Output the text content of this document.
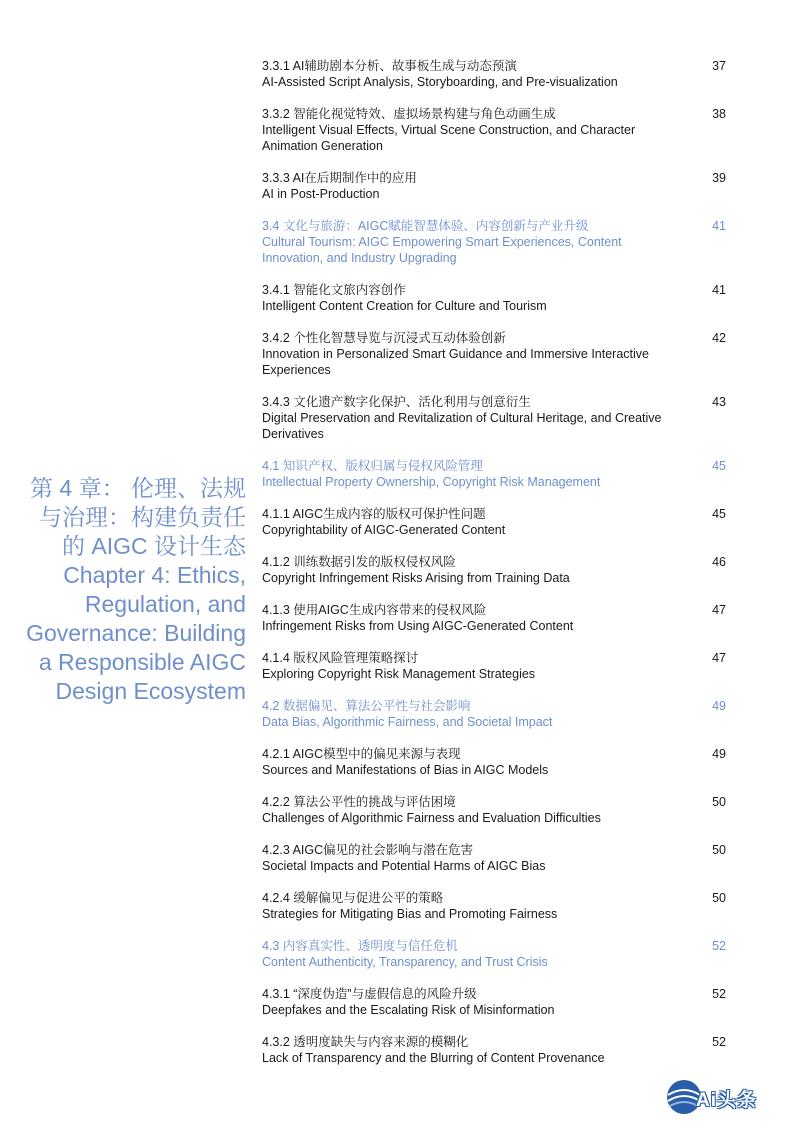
第 4 章： 伦理、法规
与治理：构建负责任
的 AIGC 设计生态
Chapter 4: Ethics,
Regulation, and
Governance: Building
a Responsible AIGC
Design Ecosystem
3.3.1 AI辅助剧本分析、故事板生成与动态预演
AI-Assisted Script Analysis, Storyboarding, and Pre-visualization
37
3.3.2 智能化视觉特效、虚拟场景构建与角色动画生成
Intelligent Visual Effects, Virtual Scene Construction, and Character Animation Generation
38
3.3.3 AI在后期制作中的应用
AI in Post-Production
39
3.4 文化与旅游：AIGC赋能智慧体验、内容创新与产业升级
Cultural Tourism: AIGC Empowering Smart Experiences, Content Innovation, and Industry Upgrading
41
3.4.1 智能化文旅内容创作
Intelligent Content Creation for Culture and Tourism
41
3.4.2 个性化智慧导览与沉浸式互动体验创新
Innovation in Personalized Smart Guidance and Immersive Interactive Experiences
42
3.4.3 文化遗产数字化保护、活化利用与创意衍生
Digital Preservation and Revitalization of Cultural Heritage, and Creative Derivatives
43
4.1 知识产权、版权归属与侵权风险管理
Intellectual Property Ownership, Copyright Risk Management
45
4.1.1 AIGC生成内容的版权可保护性问题
Copyrightability of AIGC-Generated Content
45
4.1.2 训练数据引发的版权侵权风险
Copyright Infringement Risks Arising from Training Data
46
4.1.3 使用AIGC生成内容带来的侵权风险
Infringement Risks from Using AIGC-Generated Content
47
4.1.4 版权风险管理策略探讨
Exploring Copyright Risk Management Strategies
47
4.2 数据偏见、算法公平性与社会影响
Data Bias, Algorithmic Fairness, and Societal Impact
49
4.2.1 AIGC模型中的偏见来源与表现
Sources and Manifestations of Bias in AIGC Models
49
4.2.2 算法公平性的挑战与评估困境
Challenges of Algorithmic Fairness and Evaluation Difficulties
50
4.2.3 AIGC偏见的社会影响与潜在危害
Societal Impacts and Potential Harms of AIGC Bias
50
4.2.4 缓解偏见与促进公平的策略
Strategies for Mitigating Bias and Promoting Fairness
50
4.3 内容真实性、透明度与信任危机
Content Authenticity, Transparency, and Trust Crisis
52
4.3.1 “深度伪造”与虚假信息的风险升级
Deepfakes and the Escalating Risk of Misinformation
52
4.3.2 透明度缺失与内容来源的模糊化
Lack of Transparency and the Blurring of Content Provenance
52
Ai头条
